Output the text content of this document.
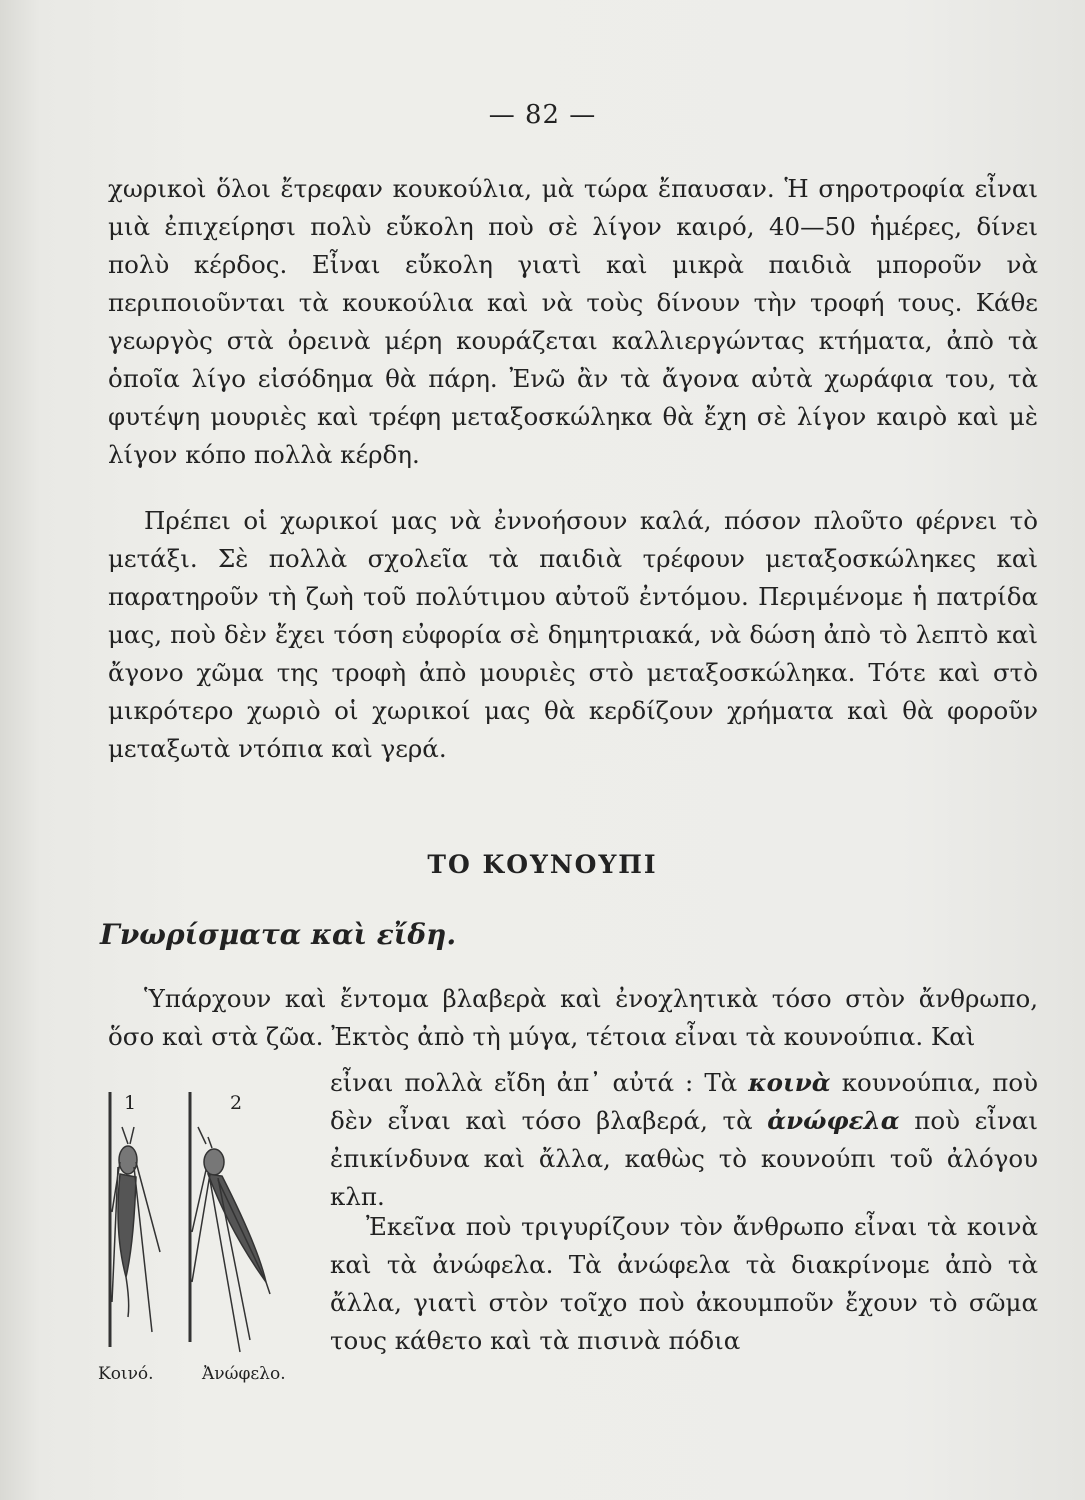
— 82 —

χωρικοὶ ὅλοι ἔτρεφαν κουκούλια, μὰ τώρα ἔπαυσαν. Ἡ σηροτροφία εἶναι μιὰ ἐπιχείρησι πολὺ εὔκολη ποὺ σὲ λίγον καιρό, 40—50 ἡμέρες, δίνει πολὺ κέρδος. Εἶναι εὔκολη γιατὶ καὶ μικρὰ παιδιὰ μποροῦν νὰ περιποιοῦνται τὰ κουκούλια καὶ νὰ τοὺς δίνουν τὴν τροφή τους. Κάθε γεωργὸς στὰ ὀρεινὰ μέρη κουράζεται καλλιεργώντας κτήματα, ἀπὸ τὰ ὁποῖα λίγο εἰσόδημα θὰ πάρη. Ἐνῶ ἂν τὰ ἄγονα αὐτὰ χωράφια του, τὰ φυτέψη μουριὲς καὶ τρέφη μεταξοσκώληκα θὰ ἔχη σὲ λίγον καιρὸ καὶ μὲ λίγον κόπο πολλὰ κέρδη.

Πρέπει οἱ χωρικοί μας νὰ ἐννοήσουν καλά, πόσον πλοῦτο φέρνει τὸ μετάξι. Σὲ πολλὰ σχολεῖα τὰ παιδιὰ τρέφουν μεταξοσκώληκες καὶ παρατηροῦν τὴ ζωὴ τοῦ πολύτιμου αὐτοῦ ἐντόμου. Περιμένομε ἡ πατρίδα μας, ποὺ δὲν ἔχει τόση εὐφορία σὲ δημητριακά, νὰ δώση ἀπὸ τὸ λεπτὸ καὶ ἄγονο χῶμα της τροφὴ ἀπὸ μουριὲς στὸ μεταξοσκώληκα. Τότε καὶ στὸ μικρότερο χωριὸ οἱ χωρικοί μας θὰ κερδίζουν χρήματα καὶ θὰ φοροῦν μεταξωτὰ ντόπια καὶ γερά.

ΤΟ ΚΟΥΝΟΥΠΙ
Γνωρίσματα καὶ εἴδη.

Ὑπάρχουν καὶ ἔντομα βλαβερὰ καὶ ἐνοχλητικὰ τόσο στὸν ἄνθρωπο, ὅσο καὶ στὰ ζῶα. Ἐκτὸς ἀπὸ τὴ μύγα, τέτοια εἶναι τὰ κουνούπια. Καὶ

εἶναι πολλὰ εἴδη ἀπ᾿ αὐτά : Τὰ κοινὰ κουνούπια, ποὺ δὲν εἶναι καὶ τόσο βλαβερά, τὰ ἀνώφελα ποὺ εἶναι ἐπικίνδυνα καὶ ἄλλα, καθὼς τὸ κουνούπι τοῦ ἀλόγου κλπ.

Ἐκεῖνα ποὺ τριγυρίζουν τὸν ἄνθρωπο εἶναι τὰ κοινὰ καὶ τὰ ἀνώφελα. Τὰ ἀνώφελα τὰ διακρίνομε ἀπὸ τὰ ἄλλα, γιατὶ στὸν τοῖχο ποὺ ἀκουμποῦν ἔχουν τὸ σῶμα τους κάθετο καὶ τὰ πισινὰ πόδια

1	2
Κοινό.	Ἀνώφελο.
